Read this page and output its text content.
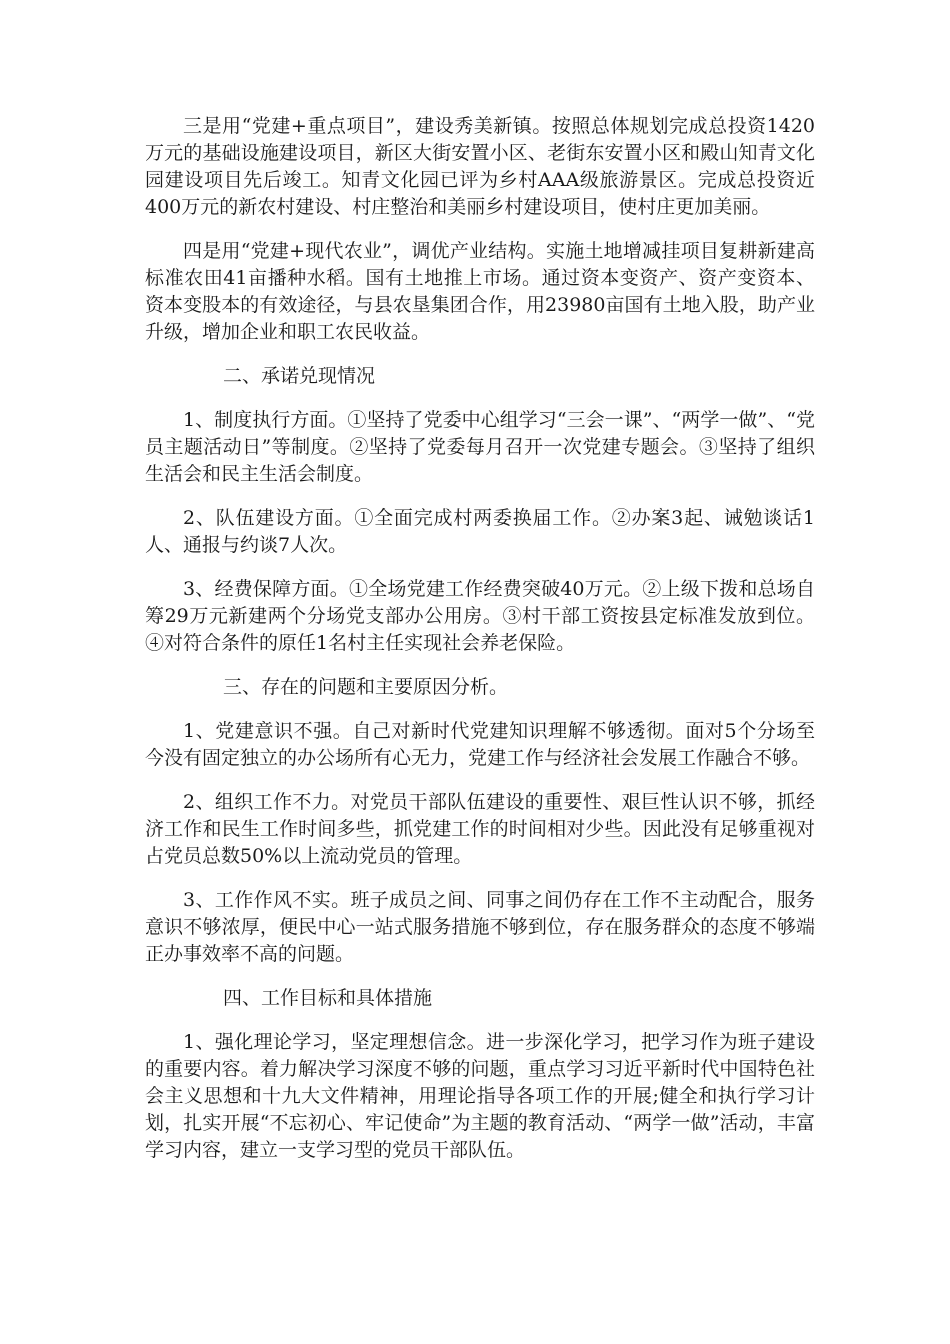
三是用“党建+重点项目”，建设秀美新镇。按照总体规划完成总投资1420万元的基础设施建设项目，新区大街安置小区、老街东安置小区和殿山知青文化园建设项目先后竣工。知青文化园已评为乡村AAA级旅游景区。完成总投资近400万元的新农村建设、村庄整治和美丽乡村建设项目，使村庄更加美丽。

四是用“党建+现代农业”，调优产业结构。实施土地增减挂项目复耕新建高标准农田41亩播种水稻。国有土地推上市场。通过资本变资产、资产变资本、资本变股本的有效途径，与县农垦集团合作，用23980亩国有土地入股，助产业升级，增加企业和职工农民收益。

二、承诺兑现情况

1、制度执行方面。①坚持了党委中心组学习“三会一课”、“两学一做”、“党员主题活动日”等制度。②坚持了党委每月召开一次党建专题会。③坚持了组织生活会和民主生活会制度。

2、队伍建设方面。①全面完成村两委换届工作。②办案3起、诫勉谈话1人、通报与约谈7人次。

3、经费保障方面。①全场党建工作经费突破40万元。②上级下拨和总场自筹29万元新建两个分场党支部办公用房。③村干部工资按县定标准发放到位。④对符合条件的原任1名村主任实现社会养老保险。

三、存在的问题和主要原因分析。

1、党建意识不强。自己对新时代党建知识理解不够透彻。面对5个分场至今没有固定独立的办公场所有心无力，党建工作与经济社会发展工作融合不够。

2、组织工作不力。对党员干部队伍建设的重要性、艰巨性认识不够，抓经济工作和民生工作时间多些，抓党建工作的时间相对少些。因此没有足够重视对占党员总数50%以上流动党员的管理。

3、工作作风不实。班子成员之间、同事之间仍存在工作不主动配合，服务意识不够浓厚，便民中心一站式服务措施不够到位，存在服务群众的态度不够端正办事效率不高的问题。

四、工作目标和具体措施

1、强化理论学习，坚定理想信念。进一步深化学习，把学习作为班子建设的重要内容。着力解决学习深度不够的问题，重点学习习近平新时代中国特色社会主义思想和十九大文件精神，用理论指导各项工作的开展;健全和执行学习计划，扎实开展“不忘初心、牢记使命”为主题的教育活动、“两学一做”活动，丰富学习内容，建立一支学习型的党员干部队伍。
